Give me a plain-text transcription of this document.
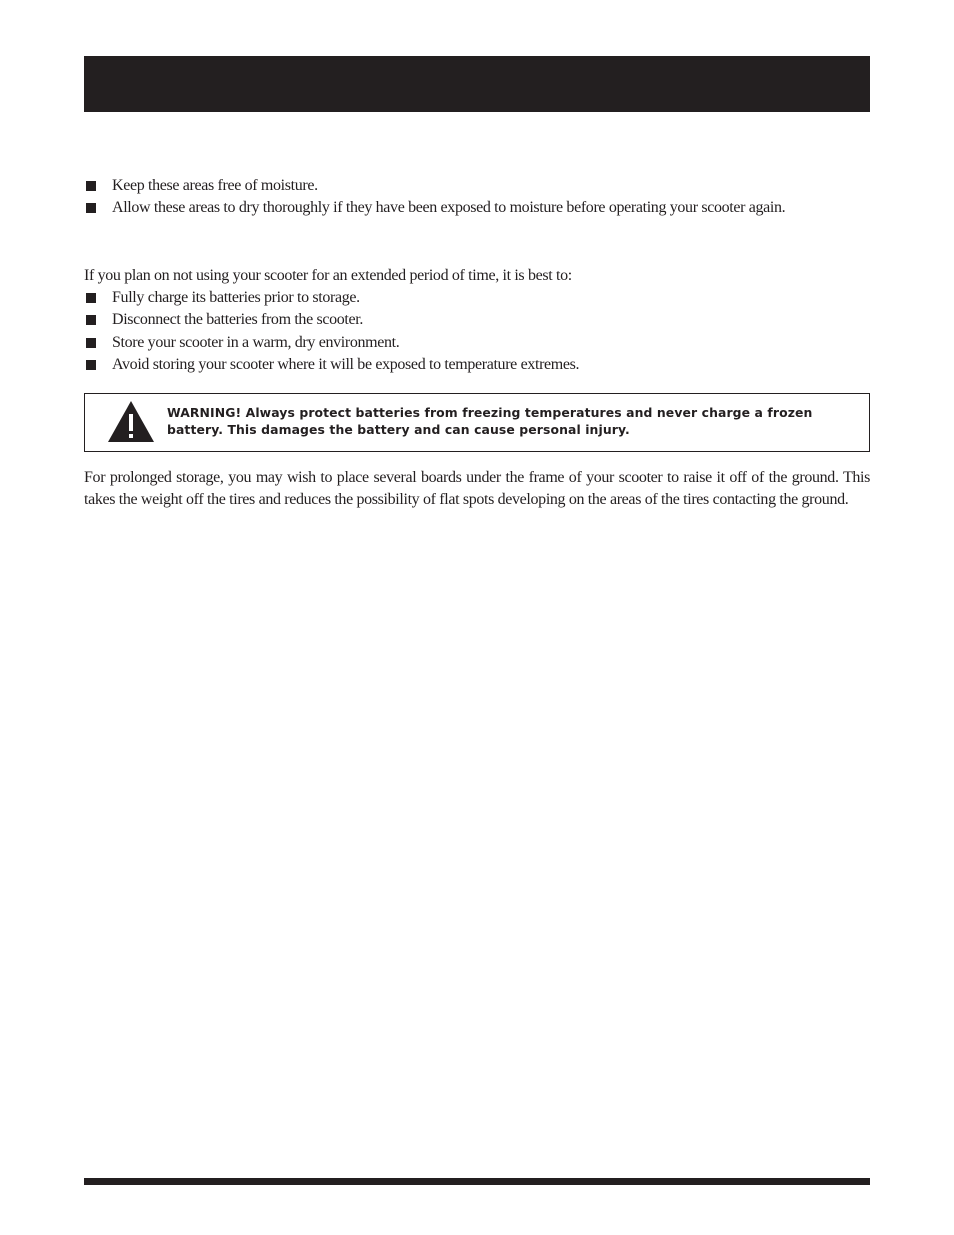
Keep these areas free of moisture.
Allow these areas to dry thoroughly if they have been exposed to moisture before operating your scooter again.

If you plan on not using your scooter for an extended period of time, it is best to:

Fully charge its batteries prior to storage.
Disconnect the batteries from the scooter.
Store your scooter in a warm, dry environment.
Avoid storing your scooter where it will be exposed to temperature extremes.
WARNING! Always protect batteries from freezing temperatures and never charge a frozen battery. This damages the battery and can cause personal injury.

For prolonged storage, you may wish to place several boards under the frame of your scooter to raise it off of the ground. This takes the weight off the tires and reduces the possibility of flat spots developing on the areas of the tires contacting the ground.
